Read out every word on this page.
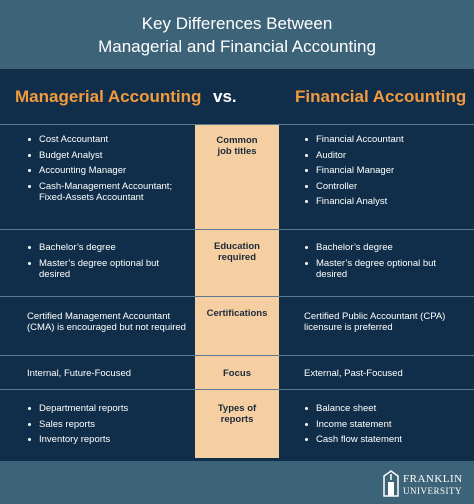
Key Differences Between
Managerial and Financial Accounting
Managerial Accounting vs.	Financial Accounting
Common
job titles
Cost Accountant
Budget Analyst
Accounting Manager
Cash-Management Accountant; Fixed-Assets Accountant
Financial Accountant
Auditor
Financial Manager
Controller
Financial Analyst
Education
required
Bachelor’s degree
Master’s degree optional but desired
Bachelor’s degree
Master’s degree optional but desired
Certifications
Certified Management Accountant (CMA) is encouraged but not required
Certified Public Accountant (CPA) licensure is preferred
Focus
Internal, Future-Focused	External, Past-Focused
Types of
reports
Departmental reports
Sales reports
Inventory reports
Balance sheet
Income statement
Cash flow statement
FRANKLIN
UNIVERSITY
